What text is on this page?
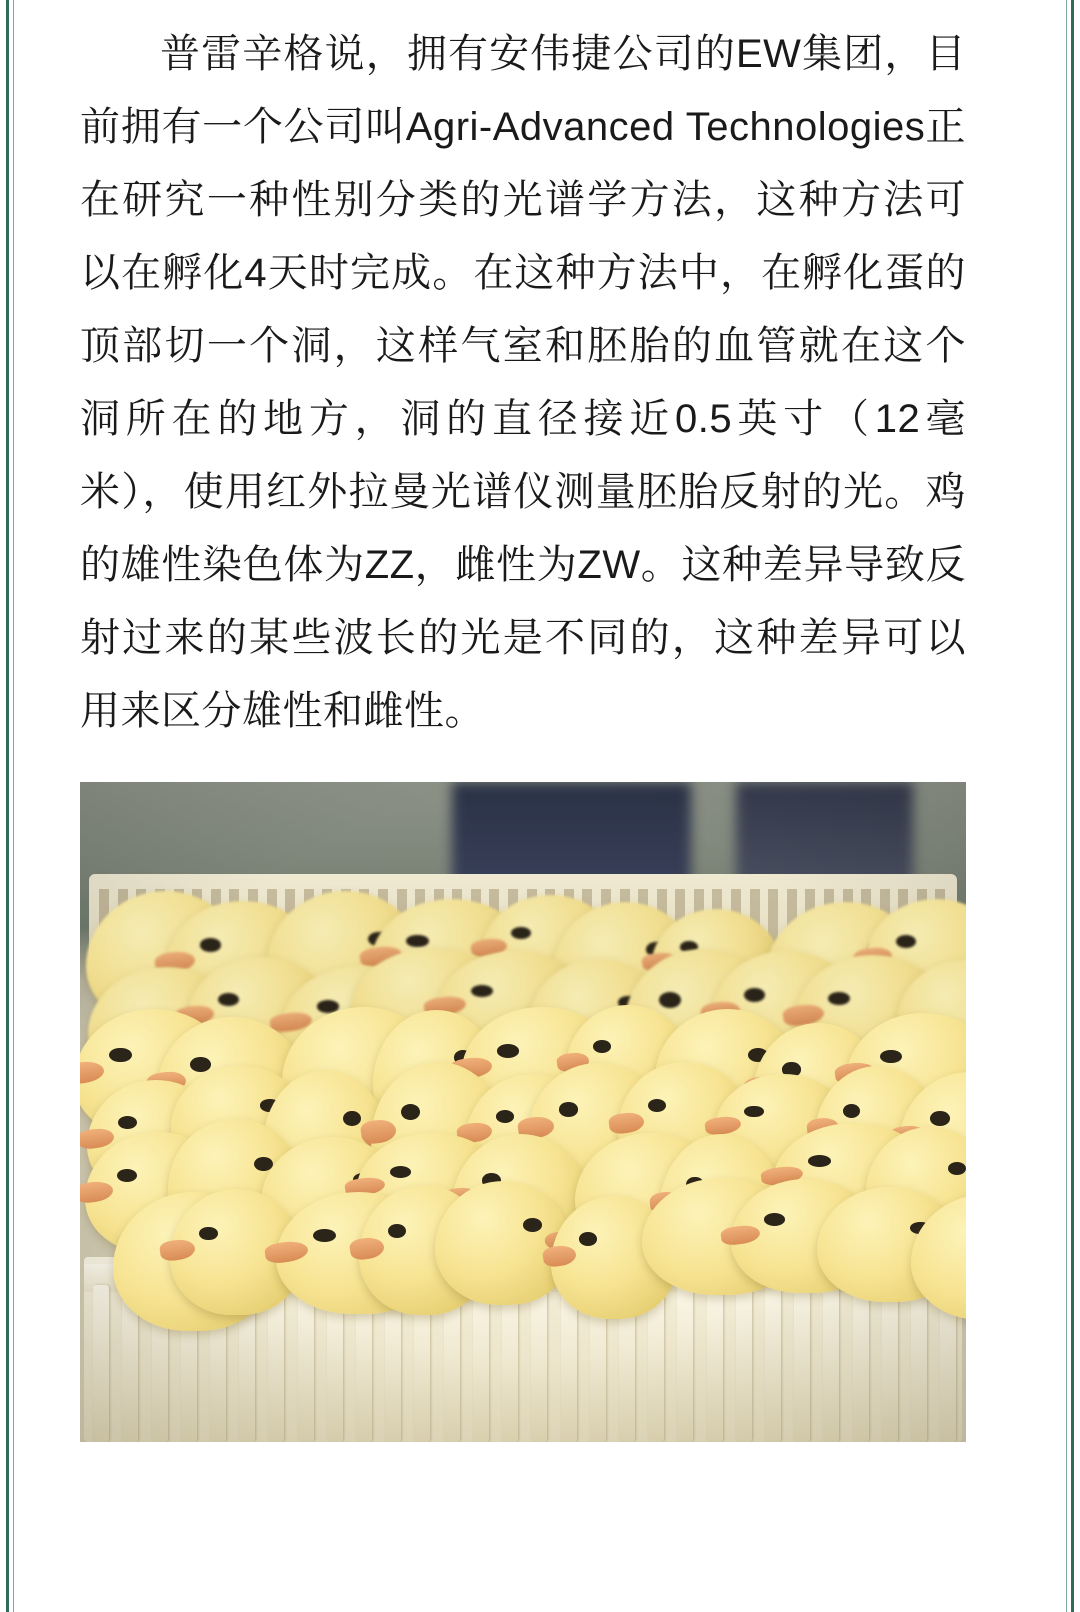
普雷辛格说，拥有安伟捷公司的EW集团，目前拥有一个公司叫Agri-Advanced Technologies正在研究一种性别分类的光谱学方法，这种方法可以在孵化4天时完成。在这种方法中，在孵化蛋的顶部切一个洞，这样气室和胚胎的血管就在这个洞所在的地方，洞的直径接近0.5英寸（12毫米），使用红外拉曼光谱仪测量胚胎反射的光。鸡的雄性染色体为ZZ，雌性为ZW。这种差异导致反射过来的某些波长的光是不同的，这种差异可以用来区分雄性和雌性。
